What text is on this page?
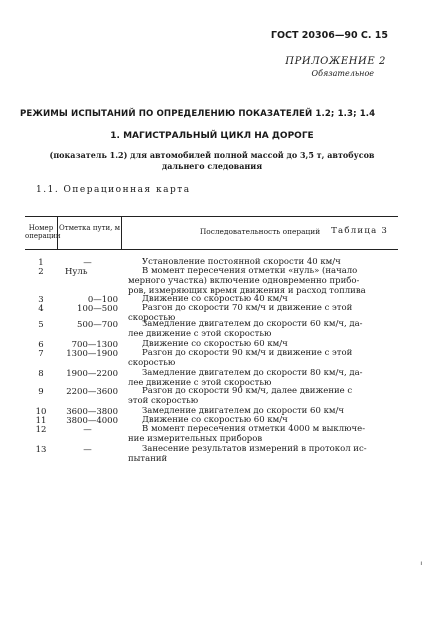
ГОСТ 20306—90 С. 15
ПРИЛОЖЕНИЕ 2
Обязательное
РЕЖИМЫ ИСПЫТАНИЙ ПО ОПРЕДЕЛЕНИЮ ПОКАЗАТЕЛЕЙ 1.2; 1.3; 1.4
1. МАГИСТРАЛЬНЫЙ ЦИКЛ НА ДОРОГЕ
(показатель 1.2) для автомобилей полной массой до 3,5 т, автобусов
дальнего следования
1.1. Операционная карта
Таблица 3
Номер операции
Отметка пути, м	Последовательность операций
1	—	Установление постоянной скорости 40 км/ч
2	Нуль	В момент пересечения отметки «нуль» (начало
мерного участка) включение одновременно прибо-
ров, измеряющих время движения и расход топлива
3	0—100	Движение со скоростью 40 км/ч
4	100—500	Разгон до скорости 70 км/ч и движение с этой
скоростью
5	500—700	Замедление двигателем до скорости 60 км/ч, да-
лее движение с этой скоростью
6	700—1300	Движение со скоростью 60 км/ч
7	1300—1900	Разгон до скорости 90 км/ч и движение с этой
скоростью
8	1900—2200	Замедление двигателем до скорости 80 км/ч, да-
лее движение с этой скоростью
9	2200—3600	Разгон до скорости 90 км/ч, далее движение с
этой скоростью
10	3600—3800	Замедление двигателем до скорости 60 км/ч
11	3800—4000	Движение со скоростью 60 км/ч
12	—	В момент пересечения отметки 4000 м выключе-
ние измерительных приборов
13	—	Занесение результатов измерений в протокол ис-
пытаний
ı
